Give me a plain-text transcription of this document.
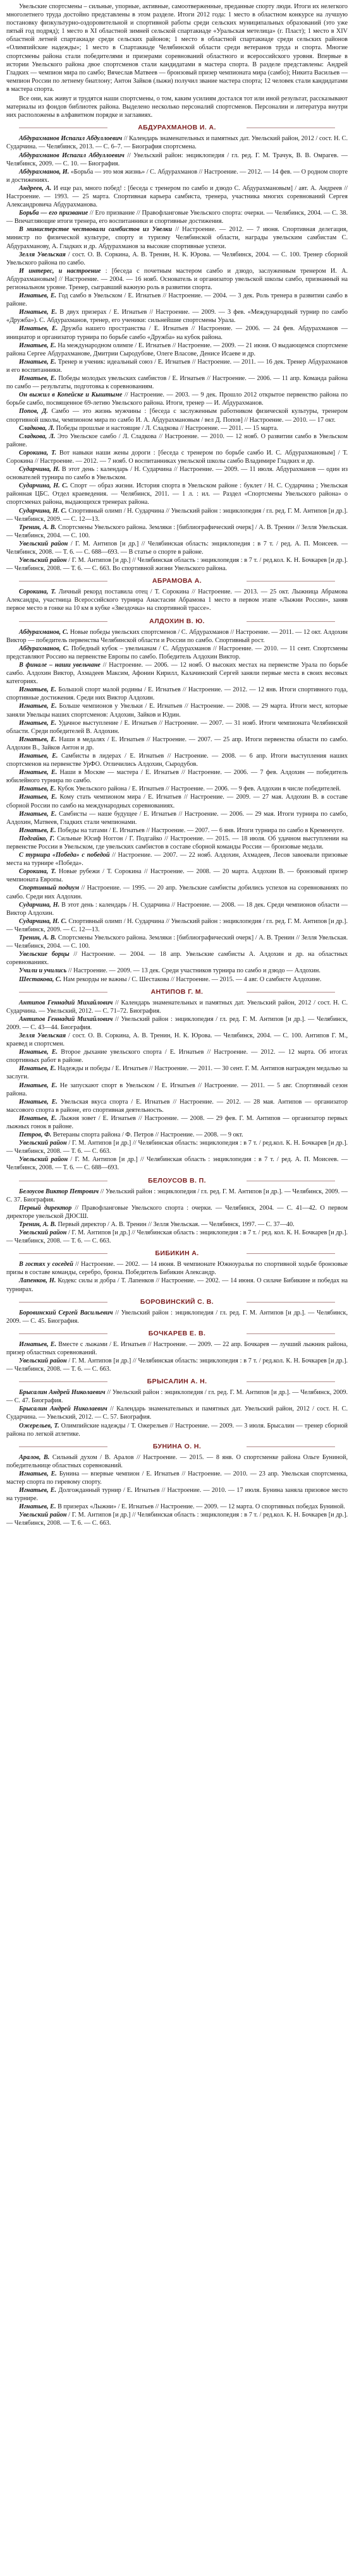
Увельские спортсмены – сильные, упорные, активные, самоотверженные, преданные спорту люди. Итоги их нелегкого многолетнего труда достойно представлены в этом разделе. Итоги 2012 года: 1 место в областном конкурсе на лучшую постановку физкультурно-оздоровительной и спортивной работы среди сельских муниципальных образований (это уже пятый год подряд); 1 место в XI областной зимней сельской спартакиаде «Уральская метелица» (г. Пласт); 1 место в XIV областной летней спартакиаде среди сельских районов; 1 место в областной спартакиаде среди сельских районов «Олимпийские надежды»; 1 место в Спартакиаде Челябинской области среди ветеранов труда и спорта. Многие спортсмены района стали победителями и призерами соревнований областного и всероссийского уровня. Впервые в истории Увельского района двое спортсменов стали кандидатами в мастера спорта. В разделе представлены: Андрей Гладких — чемпион мира по самбо; Вячеслав Матвеев — бронзовый призер чемпионата мира (самбо); Никита Васильев — чемпион России по летнему биатлону; Антон Зайков (лыжи) получил звание мастера спорта; 12 человек стали кандидатами в мастера спорта.

Все они, как живут и трудятся наши спортсмены, о том, каким усилиям достался тот или иной результат, рассказывают материалы из фондов библиотек района. Выделено несколько персоналий спортсменов. Персоналии и литература внутри них расположены в алфавитном порядке и заглавиях.

АБДУРАХМАНОВ И. А.

Абдурахманов Испагил Абдуллоевич // Календарь знаменательных и памятных дат. Увельский район, 2012 / сост. Н. С. Сударчина. — Челябинск, 2013. — С. 6–7. — Биография спортсмена.

Абдурахманов Испагил Абдуллоевич // Увельский район: энциклопедия / гл. ред. Г. М. Трачук, В. В. Омрагев. — Челябинск, 2009. — С. 10. — Биография.

Абдурахманов, И. «Борьба — это моя жизнь» / С. Абдурахманов // Настроение. — 2012. — 14 фев. — О родном спорте и достижениях.

Андреев, А. И еще раз, много побед! : [беседа с тренером по самбо и дзюдо С. Абдурахмановым] / авт. А. Андреев // Настроение. — 1993. — 25 марта. Спортивная карьера самбиста, тренера, участника многих соревнований Сергея Александровича Абдурахманова.

Борьба — его призвание // Его призвание // Правофланговые Увельского спорта: очерки. — Челябинск, 2004. — С. 38. — Впечатляющие итоги тренера, его воспитанники и спортивные достижения.

В министерстве чествовали самбистов из Увелки // Настроение. — 2012. — 7 июня. Спортивная делегация, министр по физической культуре, спорту и туризму Челябинской области, награды увельским самбистам С. Абдурахманову, А. Гладких и др. Абдурахманов за высокие спортивные успехи.

Зелля Увельская / сост. О. В. Соркина, А. В. Тренин, Н. К. Юрова. — Челябинск, 2004. — С. 100. Тренер сборной Увельского района по самбо.

И интерес, и настроение : [беседа с почетным мастером самбо и дзюдо, заслуженным тренером И. А. Абдурахмановым] // Настроение. — 2004. — 16 нояб. Основатель и организатор увельской школы самбо, признанный на региональном уровне. Тренер, сыгравший важную роль в развитии спорта.

Игнатьев, Е. Год самбо в Увельском / Е. Игнатьев // Настроение. — 2004. — 3 дек. Роль тренера в развитии самбо в районе.

Игнатьев, Е. В двух призерах / Е. Игнатьев // Настроение. — 2009. — 3 фев. «Международный турнир по самбо «Дружба»). С. Абдурахманов, тренер, его ученики: сильнейшие спортсмены Урала.

Игнатьев, Е. Дружба нашего пространства / Е. Игнатьев // Настроение. — 2006. — 24 фев. Абдурахманов — инициатор и организатор турнира по борьбе самбо «Дружба» на кубок района.

Игнатьев, Е. На международном олимпе / Е. Игнатьев // Настроение. — 2009. — 21 июня. О выдающемся спортсмене района Сергее Абдурахманове, Дмитрии Сыродубове, Олеге Власове, Денисе Исаеве и др.

Игнатьев, Е. Тренер и ученик: идеальный союз / Е. Игнатьев // Настроение. — 2011. — 16 дек. Тренер Абдурахманов и его воспитанники.

Игнатьев, Е. Победы молодых увельских самбистов / Е. Игнатьев // Настроение. — 2006. — 11 апр. Команда района по самбо — результаты, подготовка к соревнованиям.

Он выжил в Копейске и Кыштыме // Настроение. — 2003. — 9 дек. Прошло 2012 открытое первенство района по борьбе самбо, посвященное 69-летию Увельского района. Итоги, тренер — И. Абдурахманов.

Попов, Д. Самбо — это жизнь мужчины : [беседа с заслуженным работником физической культуры, тренером спортивной школы, чемпионом мира по самбо И. А. Абдурахмановым / вел Д. Попов] // Настроение. — 2010. — 17 окт.

Сладкова, Л. Победы прошлые и настоящие / Л. Сладкова // Настроение. — 2011. — 15 марта.

Сладкова, Л. Это Увельское самбо / Л. Сладкова // Настроение. — 2010. — 12 нояб. О развитии самбо в Увельском районе.

Сорокина, Т. Вот навыки наши жены дороги : [беседа с тренером по борьбе самбо И. С. Абдурахмановым] / Т. Сорокина // Настроение. — 2012. — 7 нояб. О воспитанниках увельской школы самбо Владимире Гладких и др.

Сударчина, Н. В этот день : календарь / Н. Сударчина // Настроение. — 2009. — 11 июля. Абдурахманов — один из основателей турнира по самбо в Увельском.

Сударчина, Н. С. Спорт — образ жизни. История спорта в Увельском районе : буклет / Н. С. Сударчина ; Увельская районная ЦБС. Отдел краеведения. — Челябинск, 2011. — 1 л. : ил. — Раздел «Спортсмены Увельского района» о спортсменах района, выдающихся тренерах района.

Сударчина, Н. С. Спортивный олимп / Н. Сударчина // Увельский район : энциклопедия / гл. ред. Г. М. Антипов [и др.]. — Челябинск, 2009. — С. 12—13.

Тренин, А. В. Спортсмены Увельского района. Земляки : [библиографический очерк] / А. В. Тренин // Зелля Увельская. — Челябинск, 2004. — С. 100.

Увельский район / Г. М. Антипов [и др.] // Челябинская область: энциклопедия : в 7 т. / ред. А. П. Моисеев. — Челябинск, 2008. — Т. 6. — С. 688—693. — В статье о спорте в районе.

Увельский район / Г. М. Антипов [и др.] // Челябинская область : энциклопедия : в 7 т. / ред.кол. К. Н. Бочкарев [и др.]. — Челябинск, 2008. — Т. 6. — С. 663. Во спортивной жизни Увельского района.

АБРАМОВА А.

Сорокина, Т. Личный рекорд поставила отец / Т. Сорокина // Настроение. — 2013. — 25 окт. Лыжница Абрамова Александра, участница Всероссийского турнира Анастасии Абрамова 1 место в первом этапе «Лыжни России», заняв первое место в гонке на 10 км в кубке «Звездочка» на спортивной трассе».

АЛДОХИН В. Ю.

Абдурахманов, С. Новые победы увельских спортсменов / С. Абдурахманов // Настроение. — 2011. — 12 окт. Алдохин Виктор — победитель первенства Челябинской области и России по самбо. Спортивный рост.

Абдурахманов, С. Победный кубок – увельчанам / С. Абдурахманов // Настроение. — 2010. — 11 сент. Спортсмены представляют Россию на первенстве Европы по самбо. Победитель Алдохин Виктор.

В финале – наши увельчане // Настроение. — 2006. — 12 нояб. О высоких местах на первенстве Урала по борьбе самбо. Алдохин Виктор, Ахмадеев Максим, Афонин Кирилл, Калачинский Сергей заняли первые места в своих весовых категориях.

Игнатьев, Е. Большой спорт малой родины / Е. Игнатьев // Настроение. — 2012. — 12 янв. Итоги спортивного года, спортивные достижения. Среди них Виктор Алдохин.

Игнатьев, Е. Больше чемпионов у Увельки / Е. Игнатьев // Настроение. — 2008. — 29 марта. Итоги мест, которые заняли Увельцы наших спортсменов: Алдохин, Зайков и Юдин.

Игнатьев, Е. Удачное выступление / Е. Игнатьев // Настроение. — 2007. — 31 нояб. Итоги чемпионата Челябинской области. Среди победителей В. Алдохин.

Игнатьев, Е. Наши в медалях / Е. Игнатьев // Настроение. — 2007. — 25 апр. Итоги первенства области по самбо. Алдохин В., Зайков Антон и др.

Игнатьев, Е. Самбисты в лидерах / Е. Игнатьев // Настроение. — 2008. — 6 апр. Итоги выступления наших спортсменов на первенстве УрФО. Отличились Алдохин, Сыродубов.

Игнатьев, Е. Наши в Москве — мастера / Е. Игнатьев // Настроение. — 2006. — 7 фев. Алдохин — победитель юбилейного турнира по самбо.

Игнатьев, Е. Кубок Увельского района / Е. Игнатьев // Настроение. — 2006. — 9 фев. Алдохин в числе победителей.

Игнатьев, Е. Кому стать чемпионом мира / Е. Игнатьев // Настроение. — 2009. — 27 мая. Алдохин В. в составе сборной России по самбо на международных соревнованиях.

Игнатьев, Е. Самбисты — наше будущее / Е. Игнатьев // Настроение. — 2006. — 29 мая. Итоги турнира по самбо, Алдохин, Матвеев, Гладких стали чемпионами.

Игнатьев, Е. Победы на татами / Е. Игнатьев // Настроение. — 2007. — 6 янв. Итоги турнира по самбо в Кременчуге.

Подгайко, Г. Сильные Юсиф Ноггон / Г. Подгайко // Настроение. — 2015. — 18 июля. Об удачном выступлении на первенстве России в Увельском, где увельских самбистов в составе сборной команды России — бронзовые медали.

С турнира «Победа» с победой // Настроение. — 2007. — 22 нояб. Алдохин, Ахмадеев, Лесов завоевали призовые места на турнире «Победа».

Сорокина, Т. Новые рубежи / Т. Сорокина // Настроение. — 2008. — 20 марта. Алдохин В. — бронзовый призер чемпионата Европы.

Спортивный подиум // Настроение. — 1995. — 20 апр. Увельские самбисты добились успехов на соревнованиях по самбо. Среди них Алдохин.

Сударчина, Н. В этот день : календарь / Н. Сударчина // Настроение. — 2008. — 18 дек. Среди чемпионов области — Виктор Алдохин.

Сударчина, Н. С. Спортивный олимп / Н. Сударчина // Увельский район : энциклопедия / гл. ред. Г. М. Антипов [и др.]. — Челябинск, 2009. — С. 12—13.

Тренин, А. В. Спортсмены Увельского района. Земляки : [библиографический очерк] / А. В. Тренин // Зелля Увельская. — Челябинск, 2004. — С. 100.

Увельские борцы // Настроение. — 2004. — 18 апр. Увельские самбисты А. Алдохин и др. на областных соревнованиях.

Учили и учились // Настроение. — 2009. — 13 дек. Среди участников турнира по самбо и дзюдо — Алдохин.

Шестакова, С. Нам рекорды не важны / С. Шестакова // Настроение. — 2015. — 4 авг. О самбисте Алдохине.

АНТИПОВ Г. М.

Антипов Геннадий Михайлович // Календарь знаменательных и памятных дат. Увельский район, 2012 / сост. Н. С. Сударчина. — Увельский, 2012. — С. 71–72. Биография.

Антипов Геннадий Михайлович // Увельский район : энциклопедия / гл. ред. Г. М. Антипов [и др.]. — Челябинск, 2009. — С. 43—44. Биография.

Зелля Увельская / сост. О. В. Соркина, А. В. Тренин, Н. К. Юрова. — Челябинск, 2004. — С. 100. Антипов Г. М., краевед и спортсмен.

Игнатьев, Е. Второе дыхание увельского спорта / Е. Игнатьев // Настроение. — 2012. — 12 марта. Об итогах спортивных работ в районе.

Игнатьев, Е. Надежды и победы / Е. Игнатьев // Настроение. — 2011. — 30 сент. Г. М. Антипов награжден медалью за заслуги.

Игнатьев, Е. Не запускают спорт в Увельском / Е. Игнатьев // Настроение. — 2011. — 5 авг. Спортивный сезон района.

Игнатьев, Е. Увельская вкуса спорта / Е. Игнатьев // Настроение. — 2012. — 28 мая. Антипов — организатор массового спорта в районе, его спортивная деятельность.

Игнатьев, Е. Лыжня зовет / Е. Игнатьев // Настроение. — 2008. — 29 фев. Г. М. Антипов — организатор первых лыжных гонок в районе.

Петров, Ф. Ветераны спорта района / Ф. Петров // Настроение. — 2008. — 9 окт.

Увельский район / Г. М. Антипов [и др.] // Челябинская область: энциклопедия : в 7 т. / ред.кол. К. Н. Бочкарев [и др.]. — Челябинск, 2008. — Т. 6. — С. 663.

Увельский район / Г. М. Антипов [и др.] // Челябинская область : энциклопедия : в 7 т. / ред. А. П. Моисеев. — Челябинск, 2008. — Т. 6. — С. 688—693.

БЕЛОУСОВ В. П.

Белоусов Виктор Петрович // Увельский район : энциклопедия / гл. ред. Г. М. Антипов [и др.]. — Челябинск, 2009. — С. 37. Биография.

Первый директор // Правофланговые Увельского спорта : очерки. — Челябинск, 2004. — С. 41—42. О первом директоре увельской ДЮСШ.

Тренин, А. В. Первый директор / А. В. Тренин // Зелля Увельская. — Челябинск, 1997. — С. 37—40.

Увельский район / Г. М. Антипов [и др.] // Челябинская область : энциклопедия : в 7 т. / ред. кол. К. Н. Бочкарев [и др.]. — Челябинск, 2008. — Т. 6. — С. 663.

БИБИКИН А.

В гостях у соседей // Настроение. — 2002. — 14 июня. В чемпионате Южноуралья по спортивной ходьбе бронзовые призы в составе команды, серебро, бронза. Победитель Бибикин Александр.

Лапенков, Н. Кодекс силы и добра / Т. Лапенков // Настроение. — 2002. — 14 июня. О силаче Бибикине и победах на турнирах.

БОРОВИНСКИЙ С. В.

Боровинский Сергей Васильевич // Увельский район : энциклопедия / гл. ред. Г. М. Антипов [и др.]. — Челябинск, 2009. — С. 45. Биография.

БОЧКАРЕВ Е. В.

Игнатьев, Е. Вместе с лыжами / Е. Игнатьев // Настроение. — 2009. — 22 апр. Бочкарев — лучший лыжник района, призер областных соревнований.

Увельский район / Г. М. Антипов [и др.] // Челябинская область: энциклопедия : в 7 т. / ред.кол. К. Н. Бочкарев [и др.]. — Челябинск, 2008. — Т. 6. — С. 663.

БРЫСАЛИН А. Н.

Брысалин Андрей Николаевич // Увельский район : энциклопедия / гл. ред. Г. М. Антипов [и др.]. — Челябинск, 2009. — С. 47. Биография.

Брысалин Андрей Николаевич // Календарь знаменательных и памятных дат. Увельский район, 2012 / сост. Н. С. Сударчина. — Увельский, 2012. — С. 57. Биография.

Ожерельев, Т. Олимпийские надежды / Т. Ожерельев // Настроение. — 2009. — 3 июля. Брысалин — тренер сборной района по легкой атлетике.

БУНИНА О. Н.

Аралов, В. Сильный духом / В. Аралов // Настроение. — 2015. — 8 янв. О спортсменке района Ольге Буниной, победительнице областных соревнований.

Игнатьев, Е. Бунина — впервые чемпион / Е. Игнатьев // Настроение. — 2010. — 23 апр. Увельская спортсменка, мастер спорта по гиревому спорту.

Игнатьев, Е. Долгожданный турнир / Е. Игнатьев // Настроение. — 2010. — 17 июля. Бунина заняла призовое место на турнире.

Игнатьев, Е. В призерах «Лыжни» / Е. Игнатьев // Настроение. — 2009. — 12 марта. О спортивных победах Буниной.

Увельский район / Г. М. Антипов [и др.] // Челябинская область : энциклопедия : в 7 т. / ред.кол. К. Н. Бочкарев [и др.]. — Челябинск, 2008. — Т. 6. — С. 663.
